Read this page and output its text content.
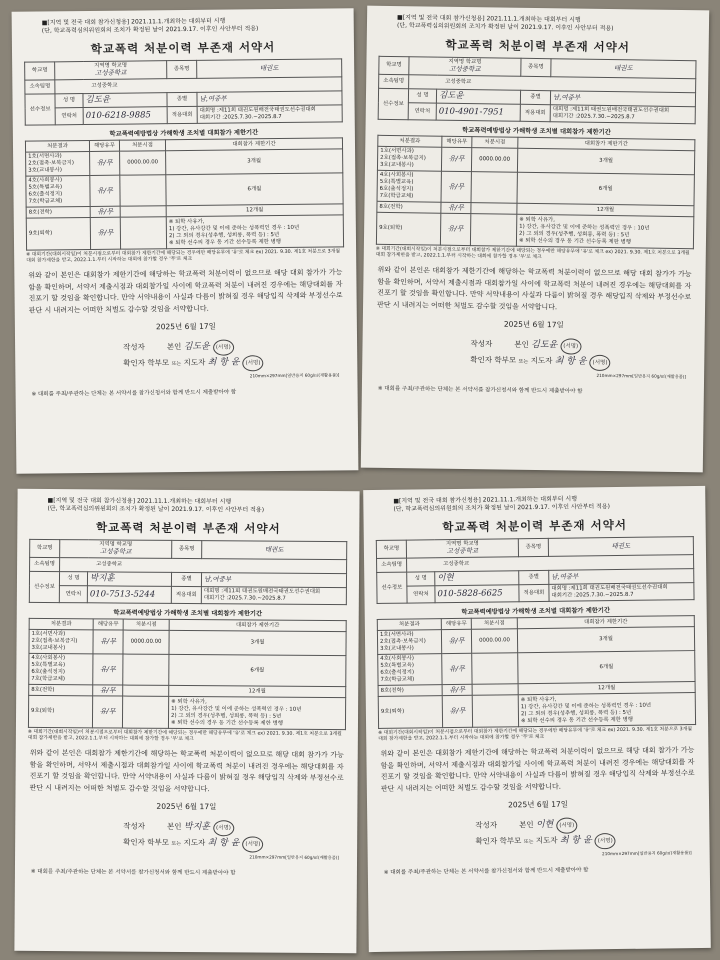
■[지역 및 전국 대회 참가신청용] 2021.11.1.개최하는 대회부터 시행
(단, 학교폭력심의위원회의 조치가 확정된 날이 2021.9.17. 이후인 사안부터 적용)
학교폭력 처분이력 부존재 서약서
학교명	지역명 학교명
고성중학교		종목명	태권도
소속팀명	고성중학교			
선수정보	성 명	김도윤	종별	남,여중부
	연락처	010-6218-9885	적용대회	대회명 :제11회 태권도원배전국태권도선수권대회
대회기간 :2025.7.30.~2025.8.7
학교폭력예방법상 가해학생 조치별 대회참가 제한기간
처분결과	해당유무	처분시점	대회참가 제한기간
1호(서면사과)
2호(접촉·보복금지)
3호(교내봉사)	유/무	0000.00.00	3개월
4호(사회봉사)
5호(특별교육)
6호(출석정지)
7호(학급교체)	유/무		6개월
8호(전학)	유/무		12개월
9호(퇴학)	유/무		※ 퇴학 사유가,
1) 강간, 유사강간 및 이에 준하는 성폭력인 경우 : 10년
2) 그 외의 경우(성추행, 성희롱, 폭력 등) : 5년
※ 퇴학 선수의 경우 동 기간 선수등록 제한 병행
※ 대회기간(대회시작일)이 처분시점으로부터 대회참가 제한기간에 해당되는 경우에만 해당유무에 '유'로 체크 ex) 2021. 9.30. 제1호 처분으로 3개월 대회 참가제한을 받고, 2022.1.1.부터 시작하는 대회에 참가할 경우 '무'로 체크
위와 같이 본인은 대회참가 제한기간에 해당하는 학교폭력 처분이력이 없으므로 해당 대회 참가가 가능함을 확인하며, 서약서 제출시점과 대회참가일 사이에 학교폭력 처분이 내려진 경우에는 해당대회를 자진포기 할 것임을 확인합니다. 만약 서약내용이 사실과 다름이 밝혀질 경우 해당입직 삭제와 부정선수로 판단 시 내려지는 어떠한 처벌도 감수할 것임을 서약합니다.
2025년 6월 17일
작성자	본인 김도윤 (서명)
확인자 학부모 또는 지도자 최 항 윤 (서명)
210mm×297mm[일반용지 60g/㎡(재활용품)]
※ 대회를 주최/주관하는 단체는 본 서약서를 참가신청서와 함께 반드시 제출받아야 함
■[지역 및 전국 대회 참가신청용] 2021.11.1.개최하는 대회부터 시행
(단, 학교폭력심의위원회의 조치가 확정된 날이 2021.9.17. 이후인 사안부터 적용)
학교폭력 처분이력 부존재 서약서
학교명	지역명 학교명
고성중학교		종목명	태권도
소속팀명	고성중학교			
선수정보	성 명	김도윤	종별	남,여중부
	연락처	010-4901-7951	적용대회	대회명 :제11회 태권도원배전국태권도선수권대회
대회기간 :2025.7.30.~2025.8.7
학교폭력예방법상 가해학생 조치별 대회참가 제한기간
처분결과	해당유무	처분시점	대회참가 제한기간
1호(서면사과)
2호(접촉·보복금지)
3호(교내봉사)	유/무	0000.00.00	3개월
4호(사회봉사)
5호(특별교육)
6호(출석정지)
7호(학급교체)	유/무		6개월
8호(전학)	유/무		12개월
9호(퇴학)	유/무		※ 퇴학 사유가,
1) 강간, 유사강간 및 이에 준하는 성폭력인 경우 : 10년
2) 그 외의 경우(성추행, 성희롱, 폭력 등) : 5년
※ 퇴학 선수의 경우 동 기간 선수등록 제한 병행
※ 대회기간(대회시작일)이 처분시점으로부터 대회참가 제한기간에 해당되는 경우에만 해당유무에 '유'로 체크 ex) 2021. 9.30. 제1호 처분으로 3개월 대회 참가제한을 받고, 2022.1.1.부터 시작하는 대회에 참가할 경우 '무'로 체크
위와 같이 본인은 대회참가 제한기간에 해당하는 학교폭력 처분이력이 없으므로 해당 대회 참가가 가능함을 확인하며, 서약서 제출시점과 대회참가일 사이에 학교폭력 처분이 내려진 경우에는 해당대회를 자진포기 할 것임을 확인합니다. 만약 서약내용이 사실과 다름이 밝혀질 경우 해당입직 삭제와 부정선수로 판단 시 내려지는 어떠한 처벌도 감수할 것임을 서약합니다.
2025년 6월 17일
작성자	본인 김도윤 (서명)
확인자 학부모 또는 지도자 최 항 윤 (서명)
210mm×297mm[일반용지 60g/㎡(재활용품)]
※ 대회를 주최/주관하는 단체는 본 서약서를 참가신청서와 함께 반드시 제출받아야 함
■[지역 및 전국 대회 참가신청용] 2021.11.1.개최하는 대회부터 시행
(단, 학교폭력심의위원회의 조치가 확정된 날이 2021.9.17. 이후인 사안부터 적용)
학교폭력 처분이력 부존재 서약서
학교명	지역명 학교명
고성중학교		종목명	태권도
소속팀명	고성중학교			
선수정보	성 명	박지훈	종별	남,여중부
	연락처	010-7513-5244	적용대회	대회명 :제11회 태권도원배전국태권도선수권대회
대회기간 :2025.7.30.~2025.8.7
학교폭력예방법상 가해학생 조치별 대회참가 제한기간
처분결과	해당유무	처분시점	대회참가 제한기간
1호(서면사과)
2호(접촉·보복금지)
3호(교내봉사)	유/무	0000.00.00	3개월
4호(사회봉사)
5호(특별교육)
6호(출석정지)
7호(학급교체)	유/무		6개월
8호(전학)	유/무		12개월
9호(퇴학)	유/무		※ 퇴학 사유가,
1) 강간, 유사강간 및 이에 준하는 성폭력인 경우 : 10년
2) 그 외의 경우(성추행, 성희롱, 폭력 등) : 5년
※ 퇴학 선수의 경우 동 기간 선수등록 제한 병행
※ 대회기간(대회시작일)이 처분시점으로부터 대회참가 제한기간에 해당되는 경우에만 해당유무에 '유'로 체크 ex) 2021. 9.30. 제1호 처분으로 3개월 대회 참가제한을 받고, 2022.1.1.부터 시작하는 대회에 참가할 경우 '무'로 체크
위와 같이 본인은 대회참가 제한기간에 해당하는 학교폭력 처분이력이 없으므로 해당 대회 참가가 가능함을 확인하며, 서약서 제출시점과 대회참가일 사이에 학교폭력 처분이 내려진 경우에는 해당대회를 자진포기 할 것임을 확인합니다. 만약 서약내용이 사실과 다름이 밝혀질 경우 해당입직 삭제와 부정선수로 판단 시 내려지는 어떠한 처벌도 감수할 것임을 서약합니다.
2025년 6월 17일
작성자	본인 박지훈 (서명)
확인자 학부모 또는 지도자 최 항 윤 (서명)
210mm×297mm[일반용지 60g/㎡(재활용품)]
※ 대회를 주최/주관하는 단체는 본 서약서를 참가신청서와 함께 반드시 제출받아야 함
■[지역 및 전국 대회 참가신청용] 2021.11.1.개최하는 대회부터 시행
(단, 학교폭력심의위원회의 조치가 확정된 날이 2021.9.17. 이후인 사안부터 적용)
학교폭력 처분이력 부존재 서약서
학교명	지역명 학교명
고성중학교		종목명	태권도
소속팀명	고성중학교			
선수정보	성 명	이현	종별	남,여중부
	연락처	010-5828-6625	적용대회	대회명 :제11회 태권도원배전국태권도선수권대회
대회기간 :2025.7.30.~2025.8.7
학교폭력예방법상 가해학생 조치별 대회참가 제한기간
처분결과	해당유무	처분시점	대회참가 제한기간
1호(서면사과)
2호(접촉·보복금지)
3호(교내봉사)	유/무	0000.00.00	3개월
4호(사회봉사)
5호(특별교육)
6호(출석정지)
7호(학급교체)	유/무		6개월
8호(전학)	유/무		12개월
9호(퇴학)	유/무		※ 퇴학 사유가,
1) 강간, 유사강간 및 이에 준하는 성폭력인 경우 : 10년
2) 그 외의 경우(성추행, 성희롱, 폭력 등) : 5년
※ 퇴학 선수의 경우 동 기간 선수등록 제한 병행
※ 대회기간(대회시작일)이 처분시점으로부터 대회참가 제한기간에 해당되는 경우에만 해당유무에 '유'로 체크 ex) 2021. 9.30. 제1호 처분으로 3개월 대회 참가제한을 받고, 2022.1.1.부터 시작하는 대회에 참가할 경우 '무'로 체크
위와 같이 본인은 대회참가 제한기간에 해당하는 학교폭력 처분이력이 없으므로 해당 대회 참가가 가능함을 확인하며, 서약서 제출시점과 대회참가일 사이에 학교폭력 처분이 내려진 경우에는 해당대회를 자진포기 할 것임을 확인합니다. 만약 서약내용이 사실과 다름이 밝혀질 경우 해당입직 삭제와 부정선수로 판단 시 내려지는 어떠한 처벌도 감수할 것임을 서약합니다.
2025년 6월 17일
작성자	본인 이현 (서명)
확인자 학부모 또는 지도자 최 항 윤 (서명)
210mm×297mm[일반용지 60g/㎡(재활용품)]
※ 대회를 주최/주관하는 단체는 본 서약서를 참가신청서와 함께 반드시 제출받아야 함
